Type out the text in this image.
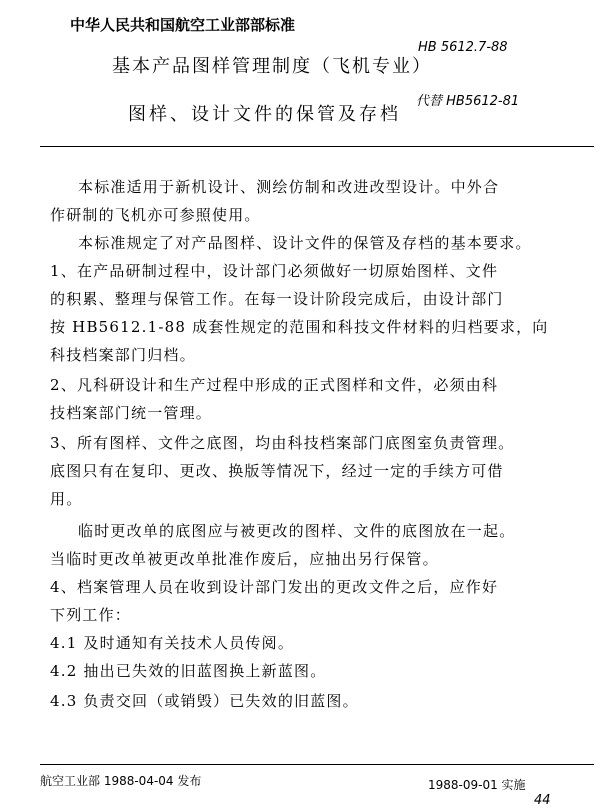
中华人民共和国航空工业部部标准
基本产品图样管理制度（飞机专业）
HB 5612.7-88
图样、设计文件的保管及存档
代替 HB5612-81
本标准适用于新机设计、测绘仿制和改进改型设计。中外合
作研制的飞机亦可参照使用。
本标准规定了对产品图样、设计文件的保管及存档的基本要求。
1、在产品研制过程中，设计部门必须做好一切原始图样、文件
的积累、整理与保管工作。在每一设计阶段完成后，由设计部门
按 HB5612.1-88 成套性规定的范围和科技文件材料的归档要求，向
科技档案部门归档。
2、凡科研设计和生产过程中形成的正式图样和文件，必须由科
技档案部门统一管理。
3、所有图样、文件之底图，均由科技档案部门底图室负责管理。
底图只有在复印、更改、换版等情况下，经过一定的手续方可借
用。
临时更改单的底图应与被更改的图样、文件的底图放在一起。
当临时更改单被更改单批准作废后，应抽出另行保管。
4、档案管理人员在收到设计部门发出的更改文件之后，应作好
下列工作：
4.1 及时通知有关技术人员传阅。
4.2 抽出已失效的旧蓝图换上新蓝图。
4.3 负责交回（或销毁）已失效的旧蓝图。
航空工业部 1988-04-04 发布	1988-09-01 实施
44
